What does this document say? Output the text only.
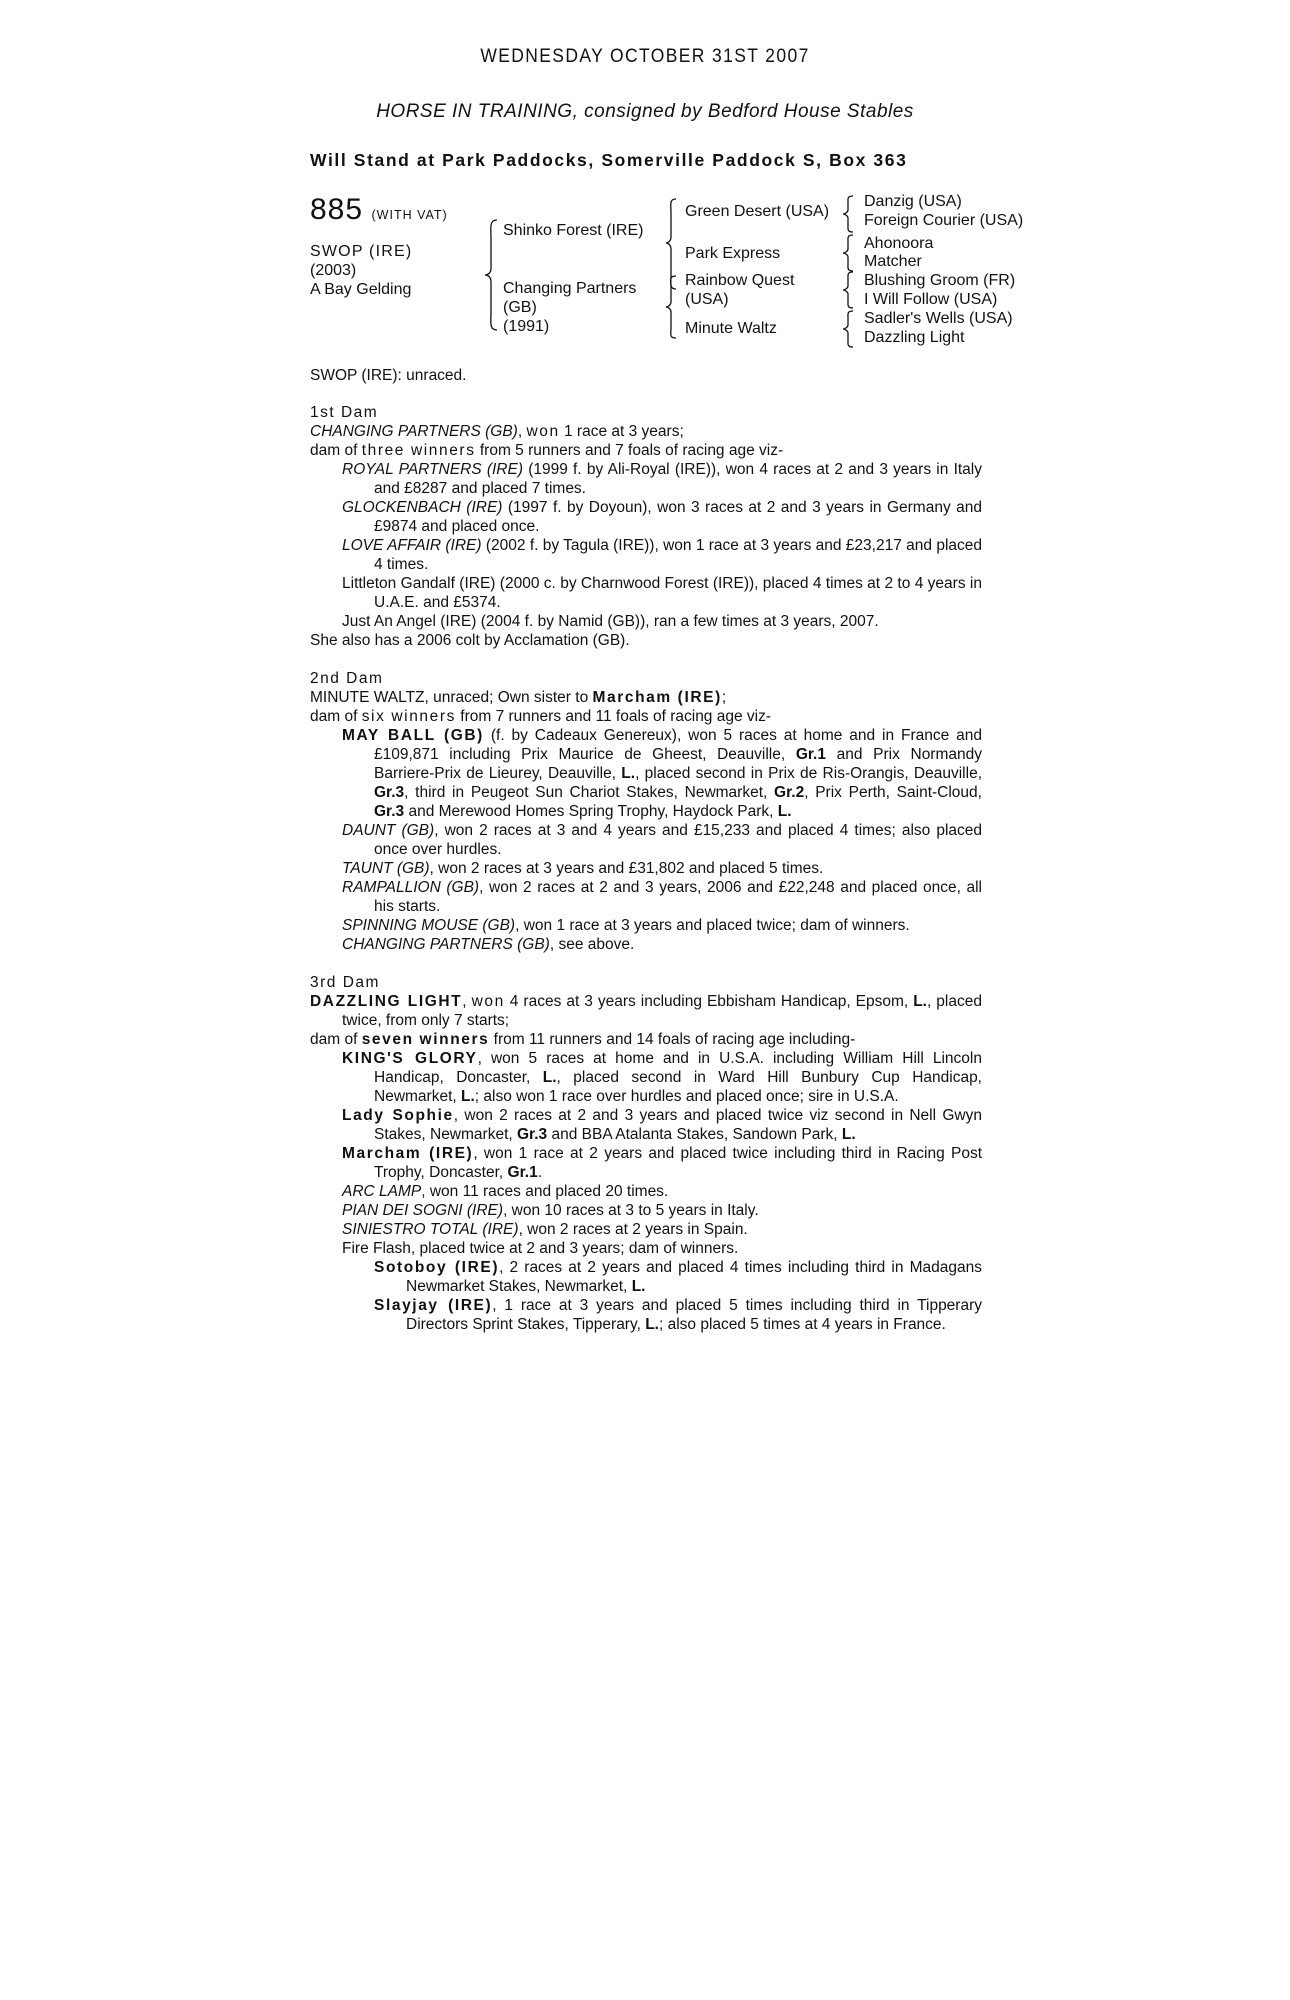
WEDNESDAY OCTOBER 31ST 2007
HORSE IN TRAINING, consigned by Bedford House Stables
Will Stand at Park Paddocks, Somerville Paddock S, Box 363
885 (WITH VAT)
SWOP (IRE)
(2003)
A Bay Gelding
Shinko Forest (IRE)
Changing Partners
(GB)
(1991)
Green Desert (USA)
Park Express
Rainbow Quest
(USA)
Minute Waltz
Danzig (USA)
Foreign Courier (USA)
Ahonoora
Matcher
Blushing Groom (FR)
I Will Follow (USA)
Sadler's Wells (USA)
Dazzling Light

SWOP (IRE): unraced.

1st Dam

CHANGING PARTNERS (GB), won 1 race at 3 years;

dam of three winners from 5 runners and 7 foals of racing age viz-

ROYAL PARTNERS (IRE) (1999 f. by Ali-Royal (IRE)), won 4 races at 2 and 3 years in Italy and £8287 and placed 7 times.

GLOCKENBACH (IRE) (1997 f. by Doyoun), won 3 races at 2 and 3 years in Germany and £9874 and placed once.

LOVE AFFAIR (IRE) (2002 f. by Tagula (IRE)), won 1 race at 3 years and £23,217 and placed 4 times.

Littleton Gandalf (IRE) (2000 c. by Charnwood Forest (IRE)), placed 4 times at 2 to 4 years in U.A.E. and £5374.

Just An Angel (IRE) (2004 f. by Namid (GB)), ran a few times at 3 years, 2007.

She also has a 2006 colt by Acclamation (GB).

2nd Dam

MINUTE WALTZ, unraced; Own sister to Marcham (IRE);

dam of six winners from 7 runners and 11 foals of racing age viz-

MAY BALL (GB) (f. by Cadeaux Genereux), won 5 races at home and in France and £109,871 including Prix Maurice de Gheest, Deauville, Gr.1 and Prix Normandy Barriere-Prix de Lieurey, Deauville, L., placed second in Prix de Ris-Orangis, Deauville, Gr.3, third in Peugeot Sun Chariot Stakes, Newmarket, Gr.2, Prix Perth, Saint-Cloud, Gr.3 and Merewood Homes Spring Trophy, Haydock Park, L.

DAUNT (GB), won 2 races at 3 and 4 years and £15,233 and placed 4 times; also placed once over hurdles.

TAUNT (GB), won 2 races at 3 years and £31,802 and placed 5 times.

RAMPALLION (GB), won 2 races at 2 and 3 years, 2006 and £22,248 and placed once, all his starts.

SPINNING MOUSE (GB), won 1 race at 3 years and placed twice; dam of winners.

CHANGING PARTNERS (GB), see above.

3rd Dam

DAZZLING LIGHT, won 4 races at 3 years including Ebbisham Handicap, Epsom, L., placed twice, from only 7 starts;

dam of seven winners from 11 runners and 14 foals of racing age including-

KING'S GLORY, won 5 races at home and in U.S.A. including William Hill Lincoln Handicap, Doncaster, L., placed second in Ward Hill Bunbury Cup Handicap, Newmarket, L.; also won 1 race over hurdles and placed once; sire in U.S.A.

Lady Sophie, won 2 races at 2 and 3 years and placed twice viz second in Nell Gwyn Stakes, Newmarket, Gr.3 and BBA Atalanta Stakes, Sandown Park, L.

Marcham (IRE), won 1 race at 2 years and placed twice including third in Racing Post Trophy, Doncaster, Gr.1.

ARC LAMP, won 11 races and placed 20 times.

PIAN DEI SOGNI (IRE), won 10 races at 3 to 5 years in Italy.

SINIESTRO TOTAL (IRE), won 2 races at 2 years in Spain.

Fire Flash, placed twice at 2 and 3 years; dam of winners.

Sotoboy (IRE), 2 races at 2 years and placed 4 times including third in Madagans Newmarket Stakes, Newmarket, L.

Slayjay (IRE), 1 race at 3 years and placed 5 times including third in Tipperary Directors Sprint Stakes, Tipperary, L.; also placed 5 times at 4 years in France.
